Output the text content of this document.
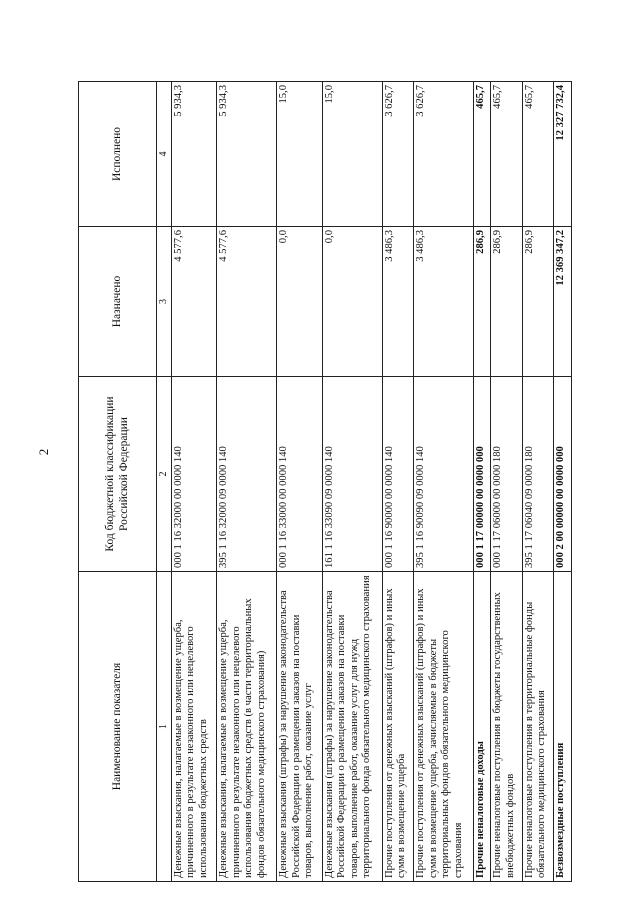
2
Наименование показателя	Код бюджетной классификации Российской Федерации	Назначено	Исполнено
1	2	3	4
Денежные взыскания, налагаемые в возмещение ущерба, причиненного в результате незаконного или нецелевого использования бюджетных средств	000 1 16 32000 00 0000 140	4 577,6	5 934,3
Денежные взыскания, налагаемые в возмещение ущерба, причиненного в результате незаконного или нецелевого использования бюджетных средств (в части территориальных фондов обязательного медицинского страхования)	395 1 16 32000 09 0000 140	4 577,6	5 934,3
Денежные взыскания (штрафы) за нарушение законодательства Российской Федерации о размещении заказов на поставки товаров, выполнение работ, оказание услуг	000 1 16 33000 00 0000 140	0,0	15,0
Денежные взыскания (штрафы) за нарушение законодательства Российской Федерации о размещении заказов на поставки товаров, выполнение работ, оказание услуг для нужд территориального фонда обязательного медицинского страхования	161 1 16 33090 09 0000 140	0,0	15,0
Прочие поступления от денежных взысканий (штрафов) и иных сумм в возмещение ущерба	000 1 16 90000 00 0000 140	3 486,3	3 626,7
Прочие поступления от денежных взысканий (штрафов) и иных сумм в возмещение ущерба, зачисляемые в бюджеты территориальных фондов обязательного медицинского страхования	395 1 16 90090 09 0000 140	3 486,3	3 626,7
Прочие неналоговые доходы	000 1 17 00000 00 0000 000	286,9	465,7
Прочие неналоговые поступления в бюджеты государственных внебюджетных фондов	000 1 17 06000 00 0000 180	286,9	465,7
Прочие неналоговые поступления в территориальные фонды обязательного медицинского страхования	395 1 17 06040 09 0000 180	286,9	465,7
Безвозмездные поступления	000 2 00 00000 00 0000 000	12 369 347,2	12 327 732,4
